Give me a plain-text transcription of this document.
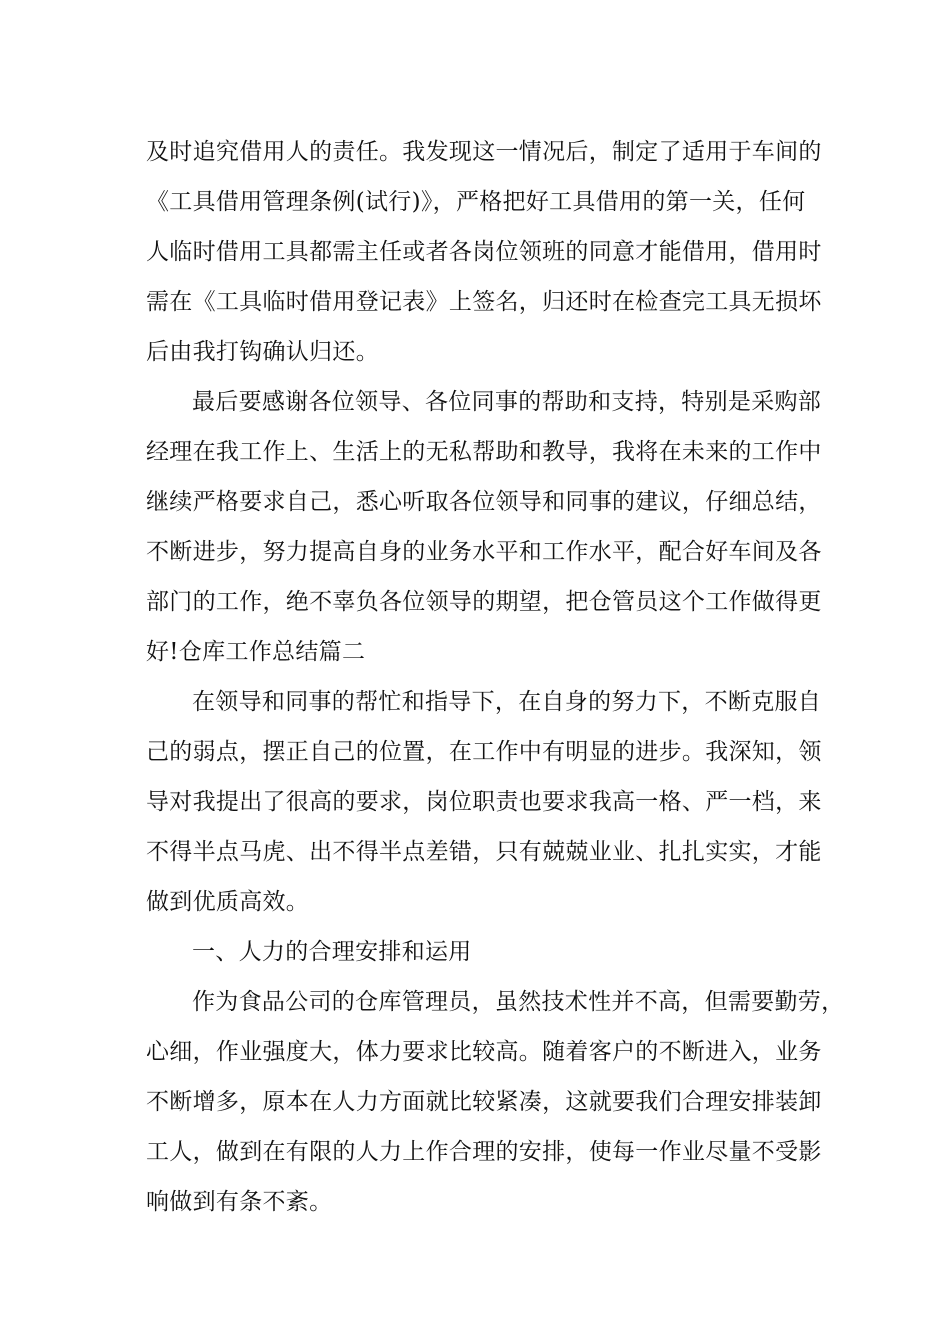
及时追究借用人的责任。我发现这一情况后，制定了适用于车间的
《工具借用管理条例(试行)》，严格把好工具借用的第一关，任何
人临时借用工具都需主任或者各岗位领班的同意才能借用，借用时
需在《工具临时借用登记表》上签名，归还时在检查完工具无损坏
后由我打钩确认归还。
最后要感谢各位领导、各位同事的帮助和支持，特别是采购部
经理在我工作上、生活上的无私帮助和教导，我将在未来的工作中
继续严格要求自己，悉心听取各位领导和同事的建议，仔细总结，
不断进步，努力提高自身的业务水平和工作水平，配合好车间及各
部门的工作，绝不辜负各位领导的期望，把仓管员这个工作做得更
好!仓库工作总结篇二
在领导和同事的帮忙和指导下，在自身的努力下，不断克服自
己的弱点，摆正自己的位置，在工作中有明显的进步。我深知，领
导对我提出了很高的要求，岗位职责也要求我高一格、严一档，来
不得半点马虎、出不得半点差错，只有兢兢业业、扎扎实实，才能
做到优质高效。
一、人力的合理安排和运用
作为食品公司的仓库管理员，虽然技术性并不高，但需要勤劳，
心细，作业强度大，体力要求比较高。随着客户的不断进入，业务
不断增多，原本在人力方面就比较紧凑，这就要我们合理安排装卸
工人，做到在有限的人力上作合理的安排，使每一作业尽量不受影
响做到有条不紊。
